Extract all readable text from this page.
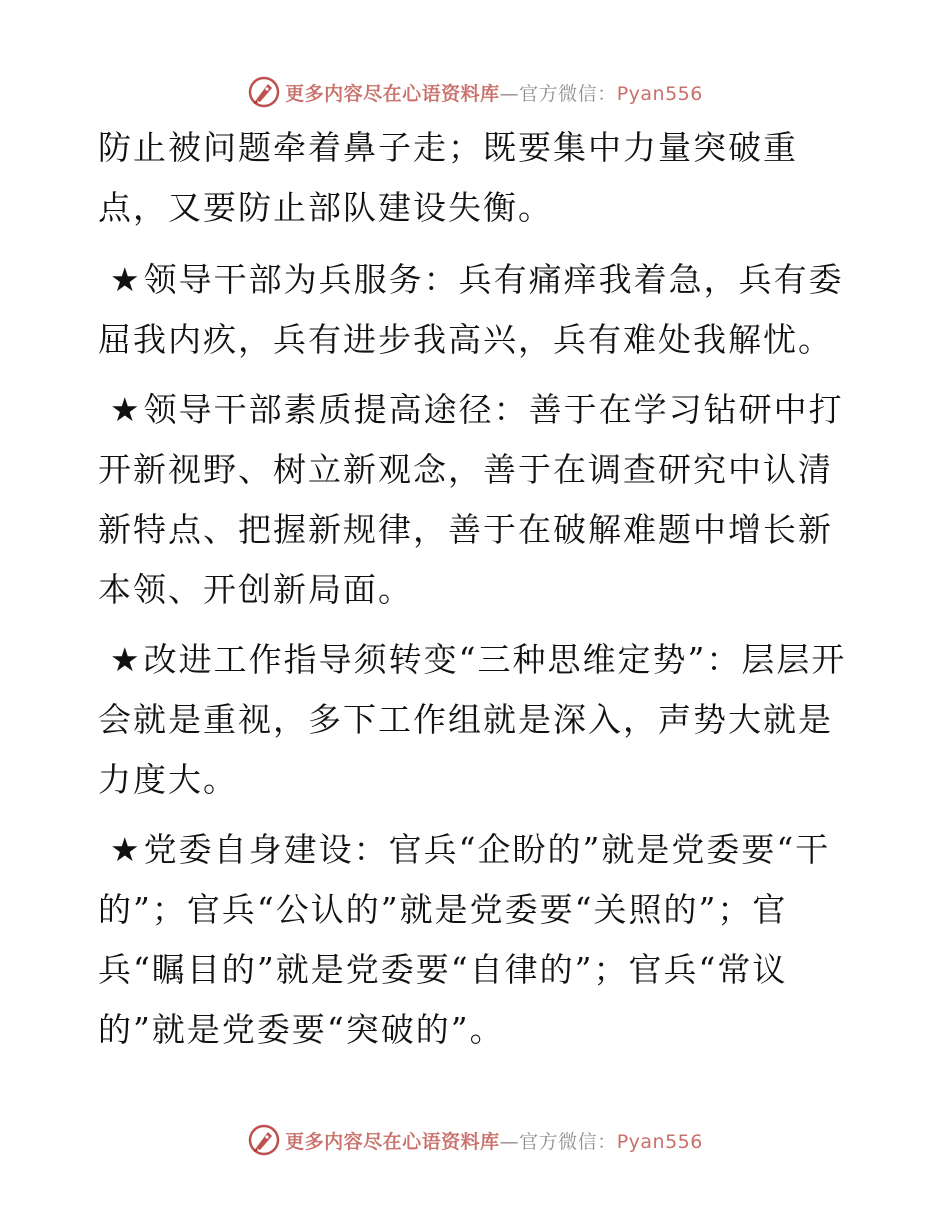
更多内容尽在心语资料库—官方微信：Pyan556

防止被问题牵着鼻子走；既要集中力量突破重点，又要防止部队建设失衡。

★领导干部为兵服务：兵有痛痒我着急，兵有委屈我内疚，兵有进步我高兴，兵有难处我解忧。

★领导干部素质提高途径：善于在学习钻研中打开新视野、树立新观念，善于在调查研究中认清新特点、把握新规律，善于在破解难题中增长新本领、开创新局面。

★改进工作指导须转变“三种思维定势”：层层开会就是重视，多下工作组就是深入，声势大就是力度大。

★党委自身建设：官兵“企盼的”就是党委要“干的”；官兵“公认的”就是党委要“关照的”；官兵“瞩目的”就是党委要“自律的”；官兵“常议的”就是党委要“突破的”。

更多内容尽在心语资料库—官方微信：Pyan556
